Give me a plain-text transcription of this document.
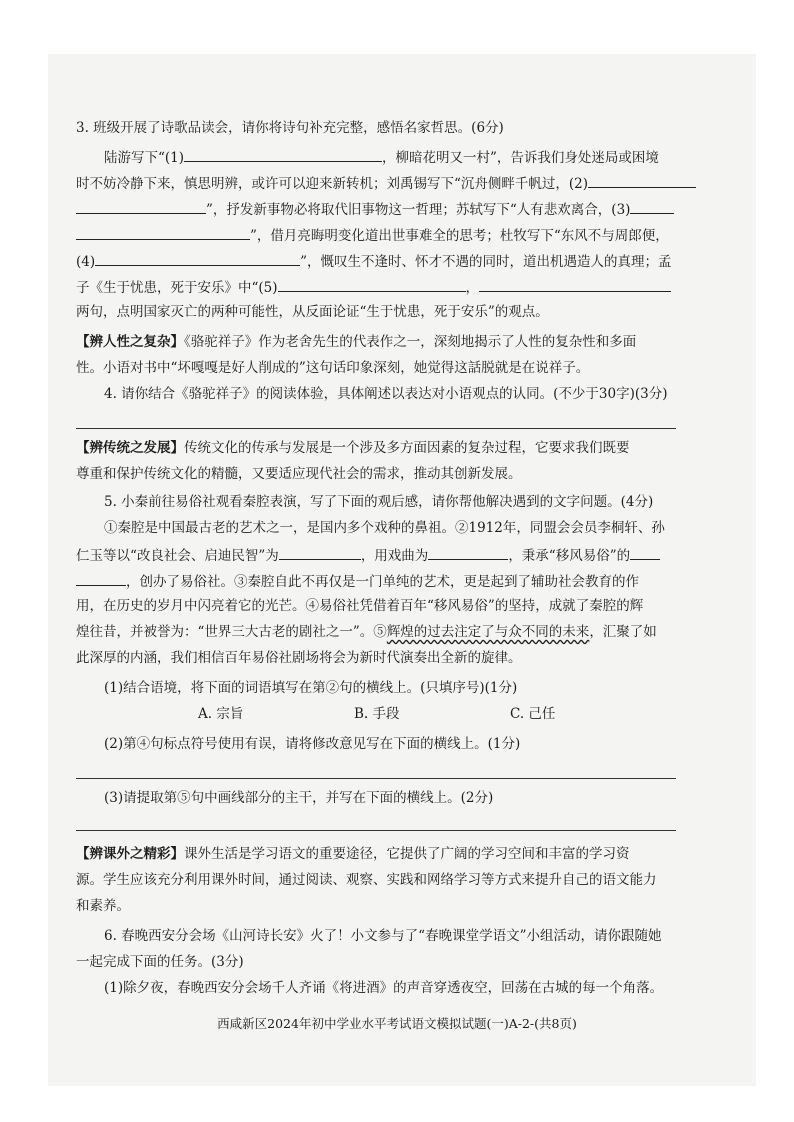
3. 班级开展了诗歌品读会，请你将诗句补充完整，感悟名家哲思。(6分)
陆游写下“(1)	，柳暗花明又一村”，告诉我们身处迷局或困境
时不妨冷静下来，慎思明辨，或许可以迎来新转机；刘禹锡写下“沉舟侧畔千帆过，(2)
”，抒发新事物必将取代旧事物这一哲理；苏轼写下“人有悲欢离合，(3)
”，借月亮晦明变化道出世事难全的思考；杜牧写下“东风不与周郎便，
(4)	”，慨叹生不逢时、怀才不遇的同时，道出机遇造人的真理；孟
子《生于忧患，死于安乐》中“(5)	，
两句，点明国家灭亡的两种可能性，从反面论证“生于忧患，死于安乐”的观点。
【辨人性之复杂】《骆驼祥子》作为老舍先生的代表作之一，深刻地揭示了人性的复杂性和多面
性。小语对书中“坏嘎嘎是好人削成的”这句话印象深刻，她觉得这話脱就是在说祥子。
4. 请你结合《骆驼祥子》的阅读体验，具体阐述以表达对小语观点的认同。(不少于30字)(3分)
【辨传统之发展】传统文化的传承与发展是一个涉及多方面因素的复杂过程，它要求我们既要
尊重和保护传统文化的精髓，又要适应现代社会的需求，推动其创新发展。
5. 小秦前往易俗社观看秦腔表演，写了下面的观后感，请你帮他解决遇到的文字问题。(4分)
①秦腔是中国最古老的艺术之一，是国内多个戏种的鼻祖。②1912年，同盟会会员李桐轩、孙
仁玉等以“改良社会、启迪民智”为	，用戏曲为	，秉承“移风易俗”的
，创办了易俗社。③秦腔自此不再仅是一门单纯的艺术，更是起到了辅助社会教育的作
用，在历史的岁月中闪亮着它的光芒。④易俗社凭借着百年“移风易俗”的坚持，成就了秦腔的辉
煌往昔，并被誉为：“世界三大古老的剧社之一”。⑤辉煌的过去注定了与众不同的未来，汇聚了如
此深厚的内涵，我们相信百年易俗社剧场将会为新时代演奏出全新的旋律。
(1)结合语境，将下面的词语填写在第②句的横线上。(只填序号)(1分)
A. 宗旨	B. 手段	C. 己任
(2)第④句标点符号使用有误，请将修改意见写在下面的横线上。(1分)
(3)请提取第⑤句中画线部分的主干，并写在下面的横线上。(2分)
【辨课外之精彩】课外生活是学习语文的重要途径，它提供了广阔的学习空间和丰富的学习资
源。学生应该充分利用课外时间，通过阅读、观察、实践和网络学习等方式来提升自己的语文能力
和素养。
6. 春晚西安分会场《山河诗长安》火了！小文参与了“春晚课堂学语文”小组活动，请你跟随她
一起完成下面的任务。(3分)
(1)除夕夜，春晚西安分会场千人齐诵《将进酒》的声音穿透夜空，回荡在古城的每一个角落。
西咸新区2024年初中学业水平考试语文模拟试题(一)A-2-(共8页)
